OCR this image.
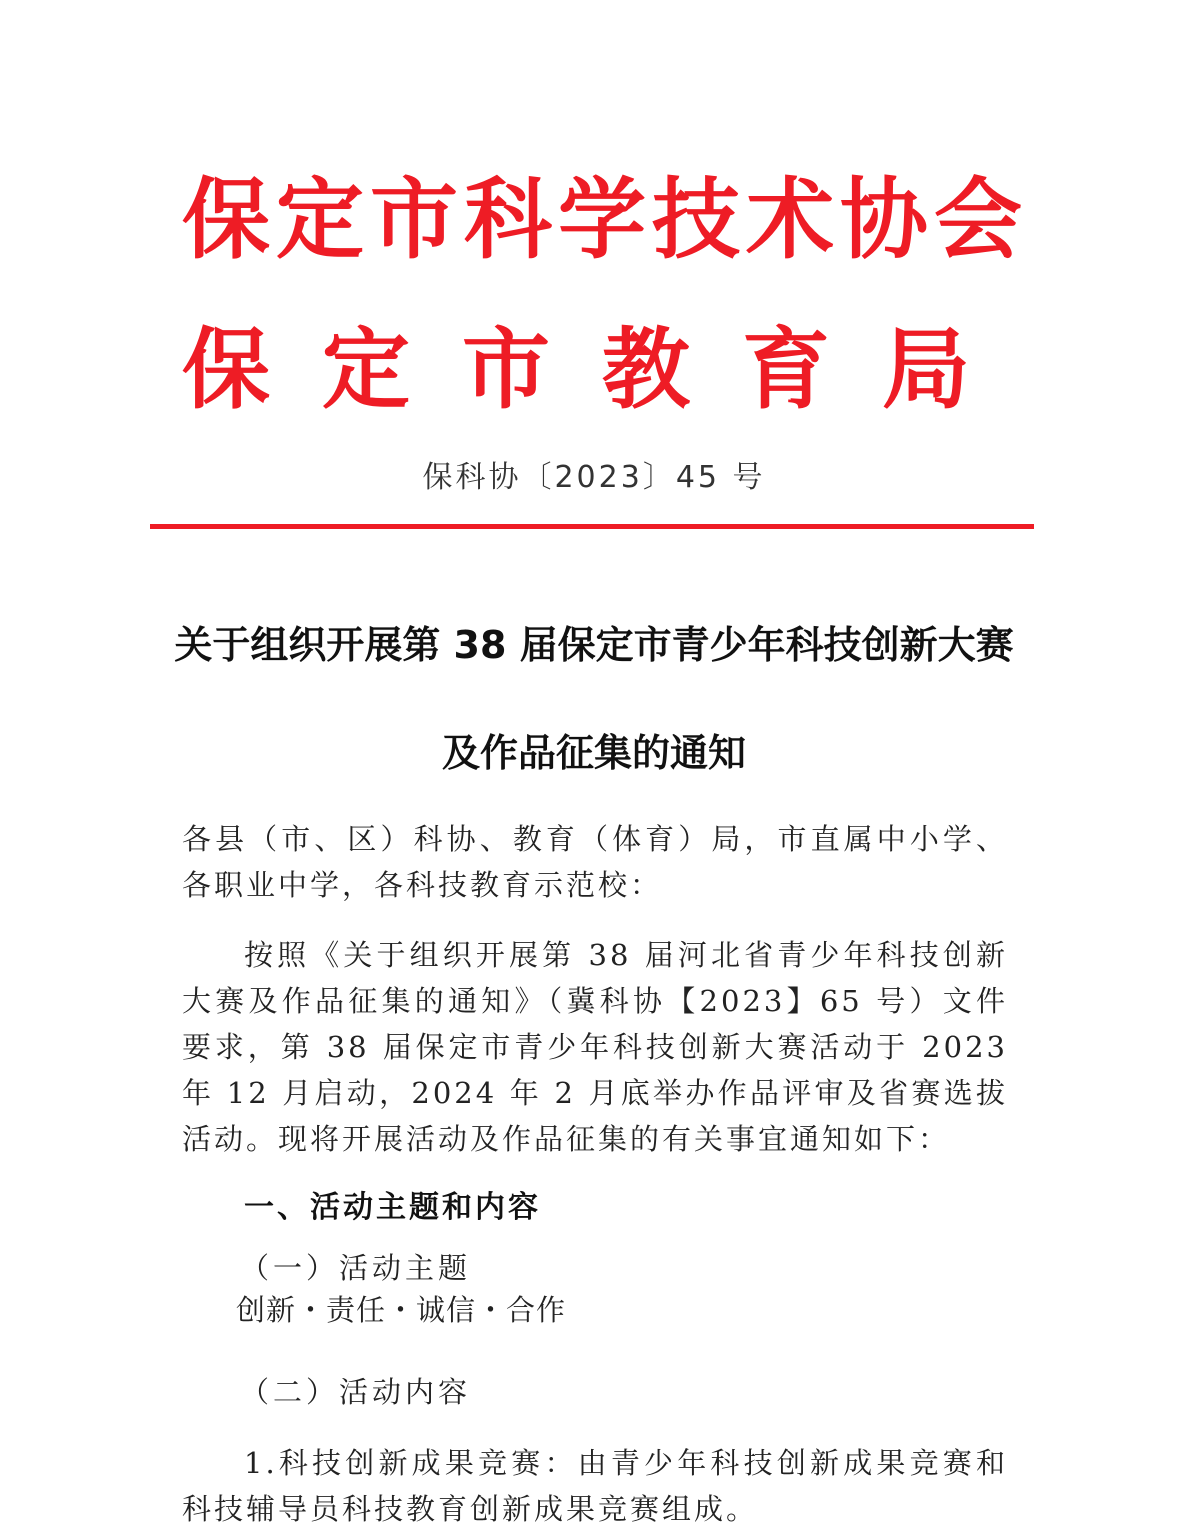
保定市科学技术协会
保定市教育局
保科协〔2023〕45 号
关于组织开展第 38 届保定市青少年科技创新大赛
及作品征集的通知
各县（市、区）科协、教育（体育）局，市直属中小学、各职业中学，各科技教育示范校：
按照《关于组织开展第 38 届河北省青少年科技创新大赛及作品征集的通知》（冀科协【2023】65 号）文件要求，第 38 届保定市青少年科技创新大赛活动于 2023 年 12 月启动，2024 年 2 月底举办作品评审及省赛选拔活动。现将开展活动及作品征集的有关事宜通知如下：
一、活动主题和内容
（一）活动主题
创新・责任・诚信・合作
（二）活动内容
1.科技创新成果竞赛：由青少年科技创新成果竞赛和科技辅导员科技教育创新成果竞赛组成。
